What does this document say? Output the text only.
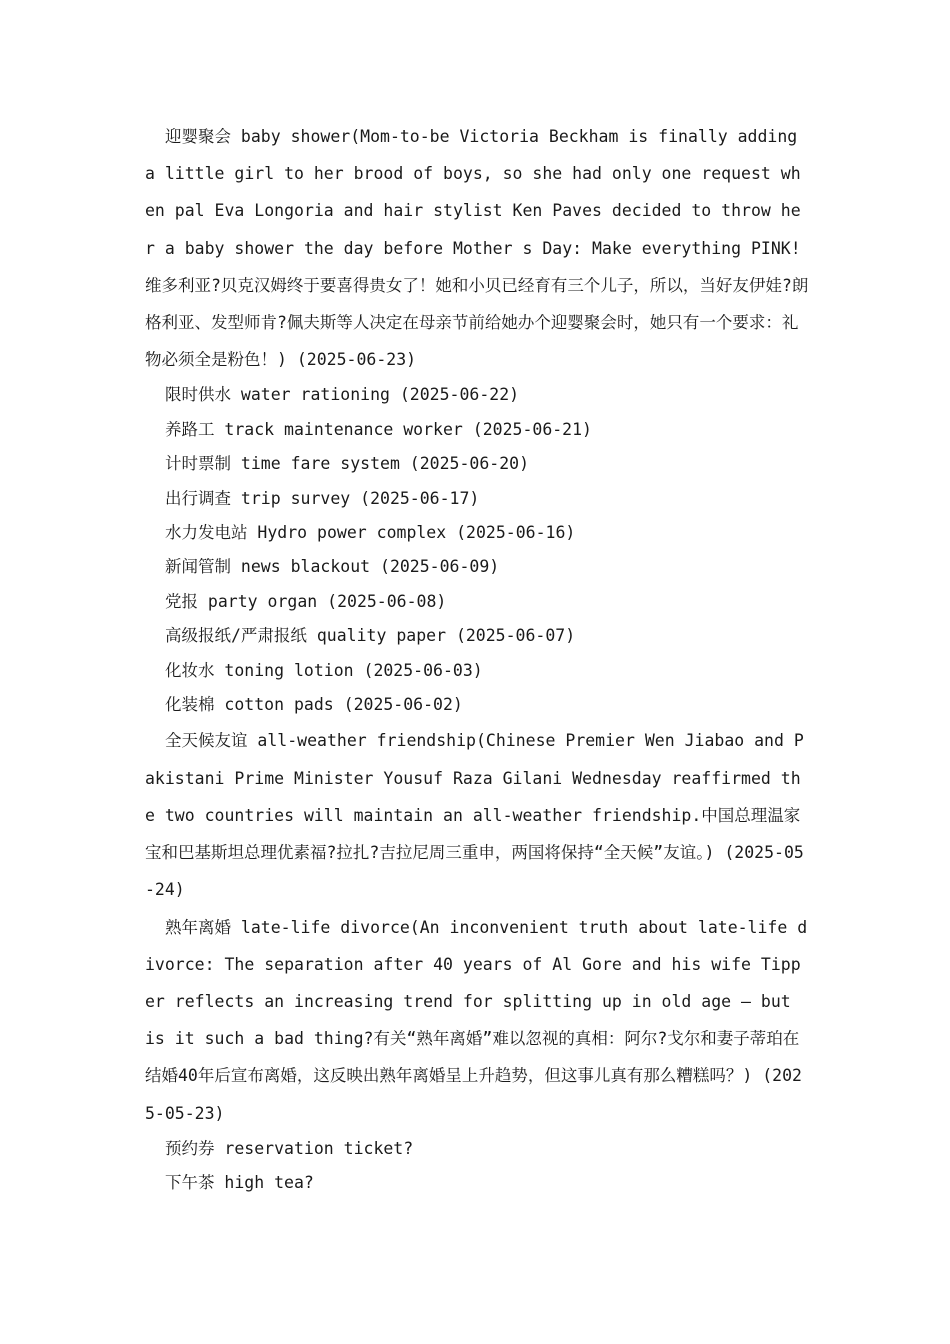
迎婴聚会 baby shower(Mom-to-be Victoria Beckham is finally adding a little girl to her brood of boys, so she had only one request when pal Eva Longoria and hair stylist Ken Paves decided to throw her a baby shower the day before Mother s Day: Make everything PINK!维多利亚?贝克汉姆终于要喜得贵女了！她和小贝已经育有三个儿子，所以，当好友伊娃?朗格利亚、发型师肯?佩夫斯等人决定在母亲节前给她办个迎婴聚会时，她只有一个要求：礼物必须全是粉色！) (2025-06-23)

限时供水 water rationing (2025-06-22)

养路工 track maintenance worker (2025-06-21)

计时票制 time fare system (2025-06-20)

出行调查 trip survey (2025-06-17)

水力发电站 Hydro power complex (2025-06-16)

新闻管制 news blackout (2025-06-09)

党报 party organ (2025-06-08)

高级报纸/严肃报纸 quality paper (2025-06-07)

化妆水 toning lotion (2025-06-03)

化装棉 cotton pads (2025-06-02)

全天候友谊 all-weather friendship(Chinese Premier Wen Jiabao and Pakistani Prime Minister Yousuf Raza Gilani Wednesday reaffirmed the two countries will maintain an all-weather friendship.中国总理温家宝和巴基斯坦总理优素福?拉扎?吉拉尼周三重申，两国将保持“全天候”友谊。) (2025-05-24)

熟年离婚 late-life divorce(An inconvenient truth about late-life divorce: The separation after 40 years of Al Gore and his wife Tipper reflects an increasing trend for splitting up in old age — but is it such a bad thing?有关“熟年离婚”难以忽视的真相：阿尔?戈尔和妻子蒂珀在结婚40年后宣布离婚，这反映出熟年离婚呈上升趋势，但这事儿真有那么糟糕吗？) (2025-05-23)

预约券 reservation ticket?

下午茶 high tea?
